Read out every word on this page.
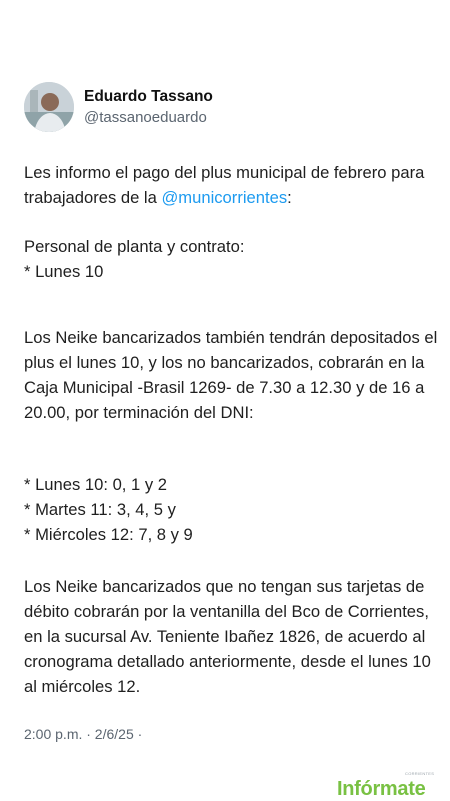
Eduardo Tassano
@tassanoeduardo

Les informo el pago del plus municipal de febrero para trabajadores de la @municorrientes:

Personal de planta y contrato:
* Lunes 10

Los Neike bancarizados también tendrán depositados el plus el lunes 10, y los no bancarizados, cobrarán en la Caja Municipal -Brasil 1269- de 7.30 a 12.30 y de 16 a 20.00, por terminación del DNI:

* Lunes 10: 0, 1 y 2
* Martes 11: 3, 4, 5 y
* Miércoles 12: 7, 8 y 9

Los Neike bancarizados que no tengan sus tarjetas de débito cobrarán por la ventanilla del Bco de Corrientes, en la sucursal Av. Teniente Ibañez 1826, de acuerdo al cronograma detallado anteriormente, desde el lunes 10 al miércoles 12.

2:00 p.m. · 2/6/25 ·
CORRIENTES
Infórmate
